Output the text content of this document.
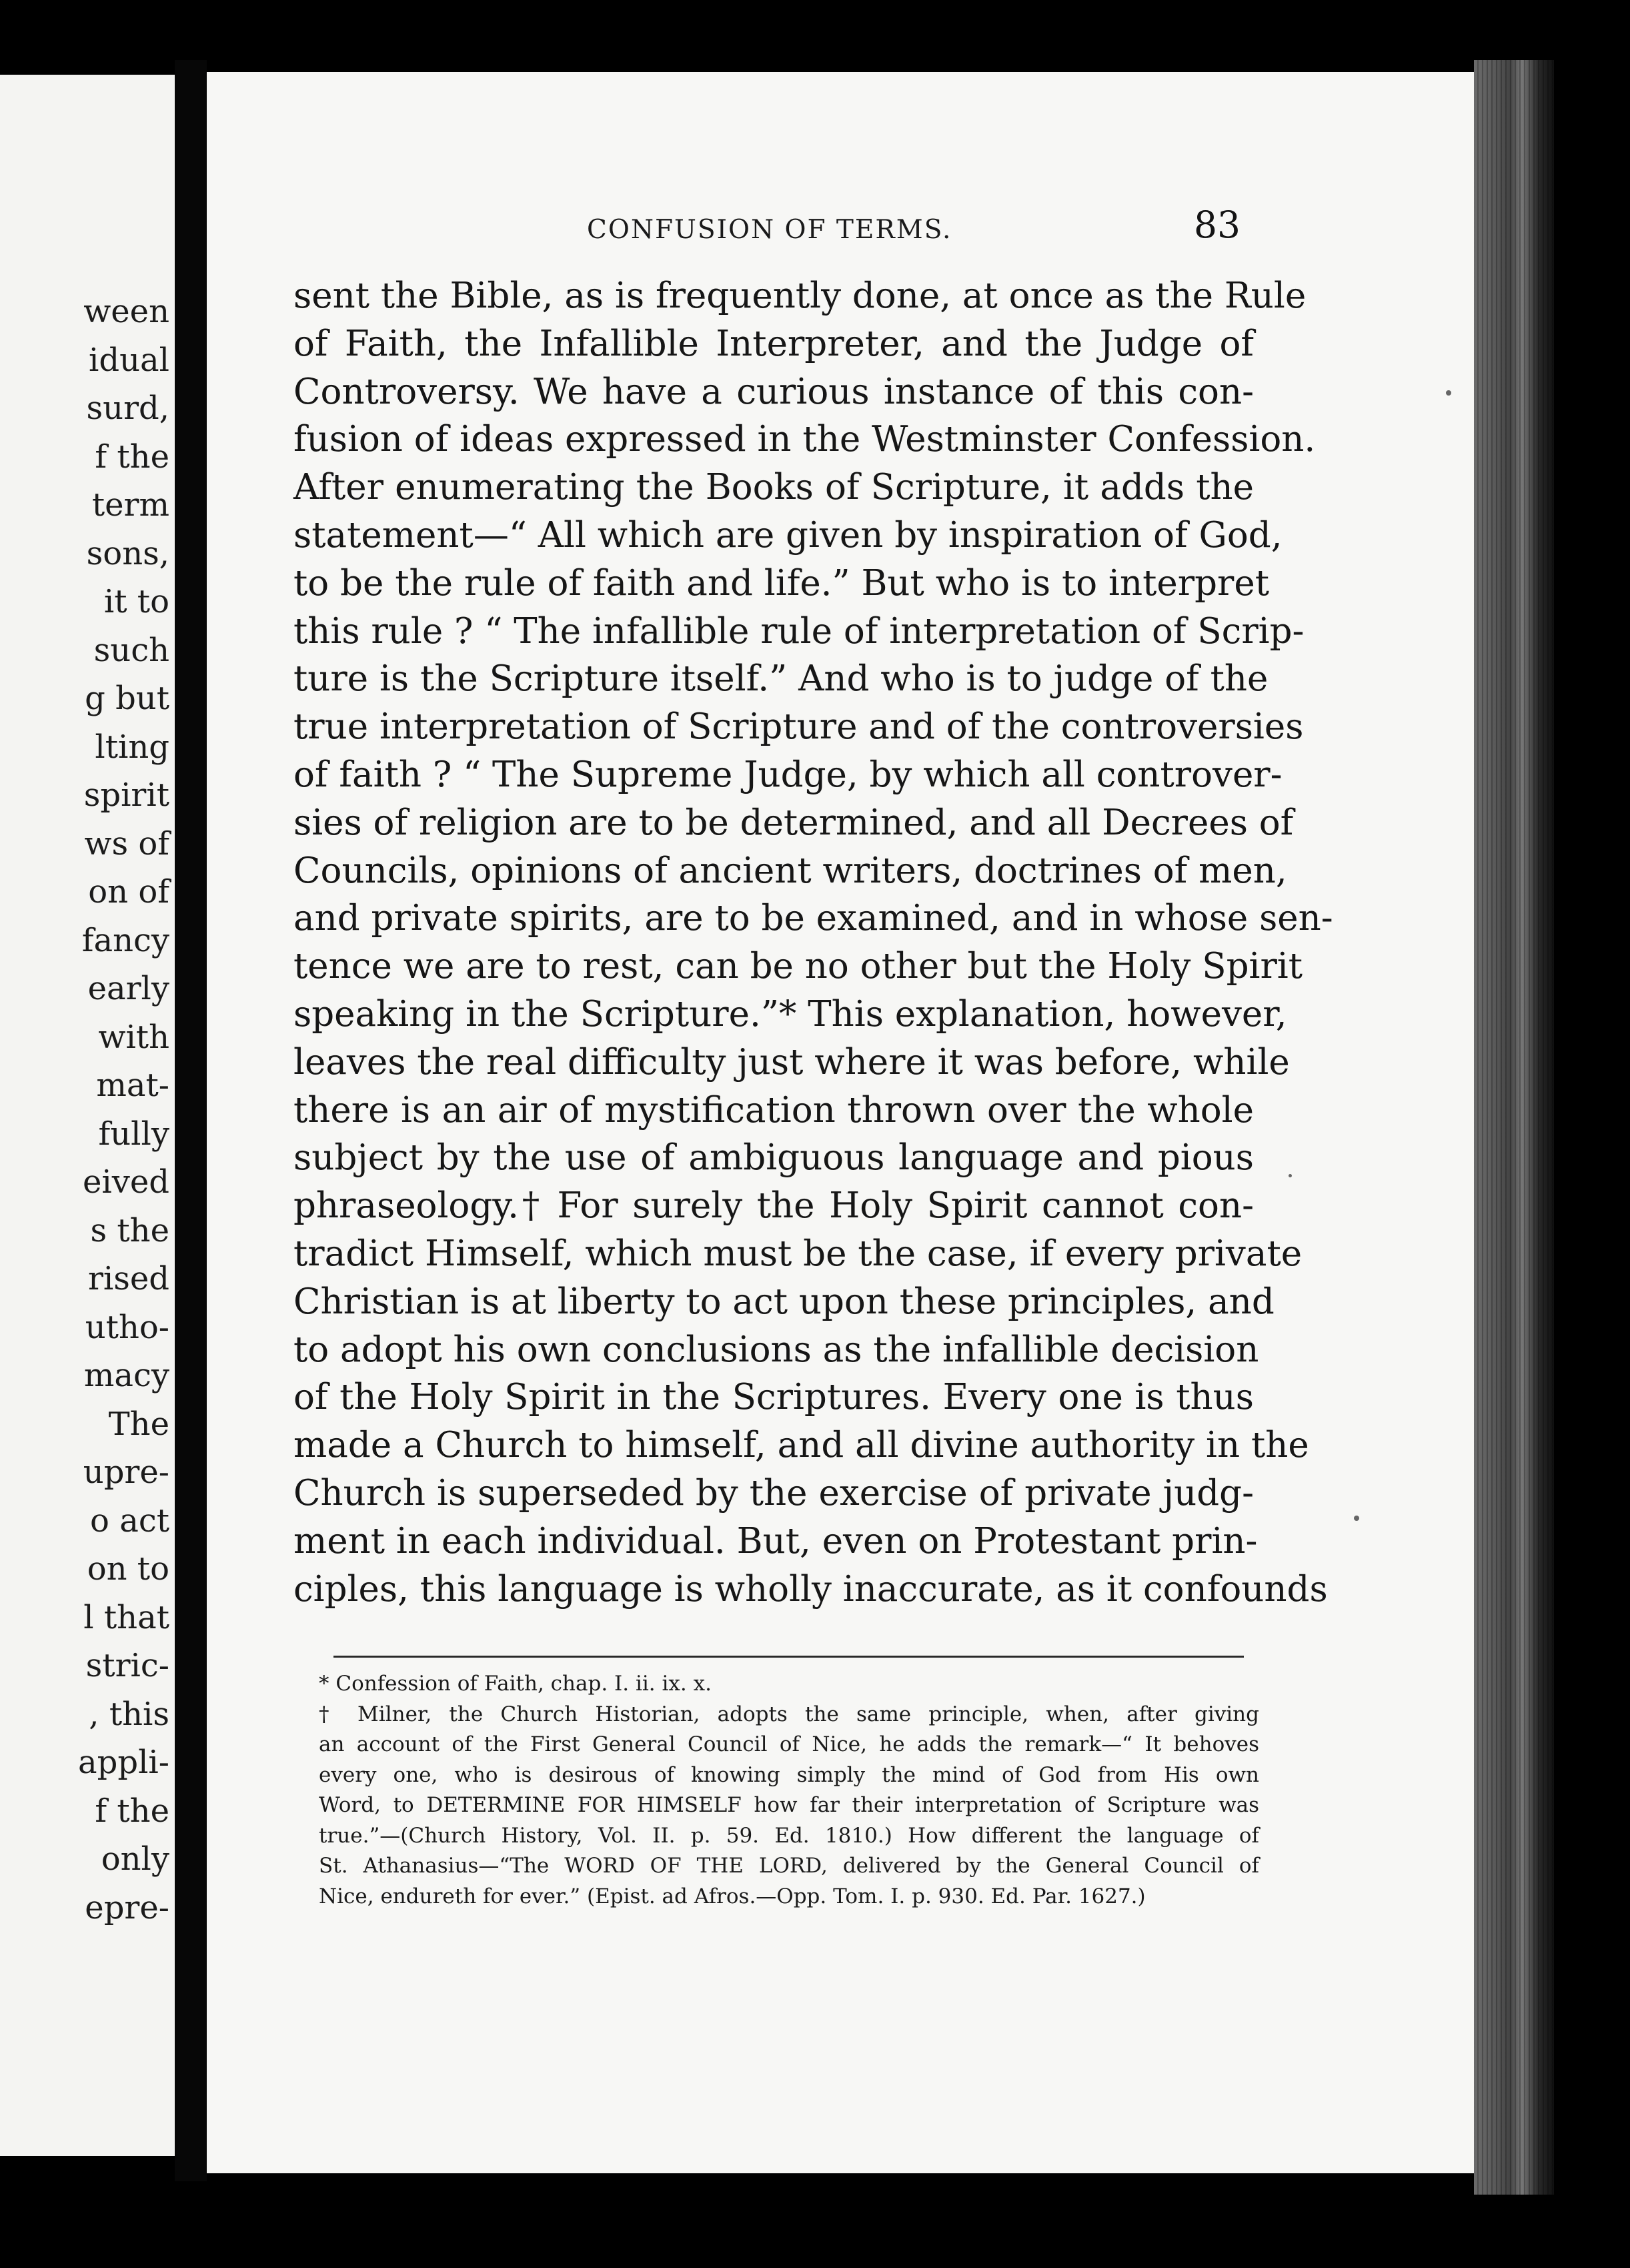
ween
idual
surd,
f the
term
sons,
it to
such
g but
lting
spirit
ws of
on of
fancy
early
with
mat-
fully
eived
s the
rised
utho-
macy
The
upre-
o act
on to
l that
stric-
, this
appli-
f the
only
epre-
CONFUSION OF TERMS.	83
sent the Bible, as is frequently done, at once as the Rule
of Faith, the Infallible Interpreter, and the Judge of
Controversy. We have a curious instance of this con-
fusion of ideas expressed in the Westminster Confession.
After enumerating the Books of Scripture, it adds the
statement—“ All which are given by inspiration of God,
to be the rule of faith and life.” But who is to interpret
this rule ? “ The infallible rule of interpretation of Scrip-
ture is the Scripture itself.” And who is to judge of the
true interpretation of Scripture and of the controversies
of faith ? “ The Supreme Judge, by which all controver-
sies of religion are to be determined, and all Decrees of
Councils, opinions of ancient writers, doctrines of men,
and private spirits, are to be examined, and in whose sen-
tence we are to rest, can be no other but the Holy Spirit
speaking in the Scripture.”* This explanation, however,
leaves the real difficulty just where it was before, while
there is an air of mystification thrown over the whole
subject by the use of ambiguous language and pious
phraseology.† For surely the Holy Spirit cannot con-
tradict Himself, which must be the case, if every private
Christian is at liberty to act upon these principles, and
to adopt his own conclusions as the infallible decision
of the Holy Spirit in the Scriptures. Every one is thus
made a Church to himself, and all divine authority in the
Church is superseded by the exercise of private judg-
ment in each individual. But, even on Protestant prin-
ciples, this language is wholly inaccurate, as it confounds
* Confession of Faith, chap. I. ii. ix. x.
† Milner, the Church Historian, adopts the same principle, when, after giving
an account of the First General Council of Nice, he adds the remark—“ It behoves
every one, who is desirous of knowing simply the mind of God from His own
Word, to DETERMINE FOR HIMSELF how far their interpretation of Scripture was
true.”—(Church History, Vol. II. p. 59. Ed. 1810.) How different the language of
St. Athanasius—“The WORD OF THE LORD, delivered by the General Council of
Nice, endureth for ever.” (Epist. ad Afros.—Opp. Tom. I. p. 930. Ed. Par. 1627.)
